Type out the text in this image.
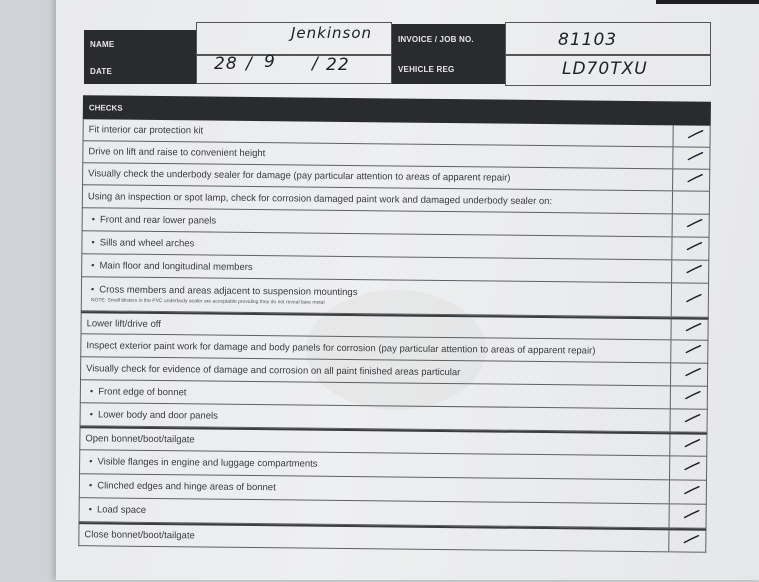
NAME
Jenkinson
DATE	28 / 9 / 22
INVOICE / JOB NO.	81103
VEHICLE REG	LD70TXU
CHECKS
Fit interior car protection kit
Drive on lift and raise to convenient height
Visually check the underbody sealer for damage (pay particular attention to areas of apparent repair)
Using an inspection or spot lamp, check for corrosion damaged paint work and damaged underbody sealer on:
• Front and rear lower panels
• Sills and wheel arches
• Main floor and longitudinal members
• Cross members and areas adjacent to suspension mountings
NOTE: Small blisters in the PVC underbody sealer are acceptable providing they do not reveal bare metal
Lower lift/drive off
Inspect exterior paint work for damage and body panels for corrosion (pay particular attention to areas of apparent repair)
Visually check for evidence of damage and corrosion on all paint finished areas particular
• Front edge of bonnet
• Lower body and door panels
Open bonnet/boot/tailgate
• Visible flanges in engine and luggage compartments
• Clinched edges and hinge areas of bonnet
• Load space
Close bonnet/boot/tailgate
